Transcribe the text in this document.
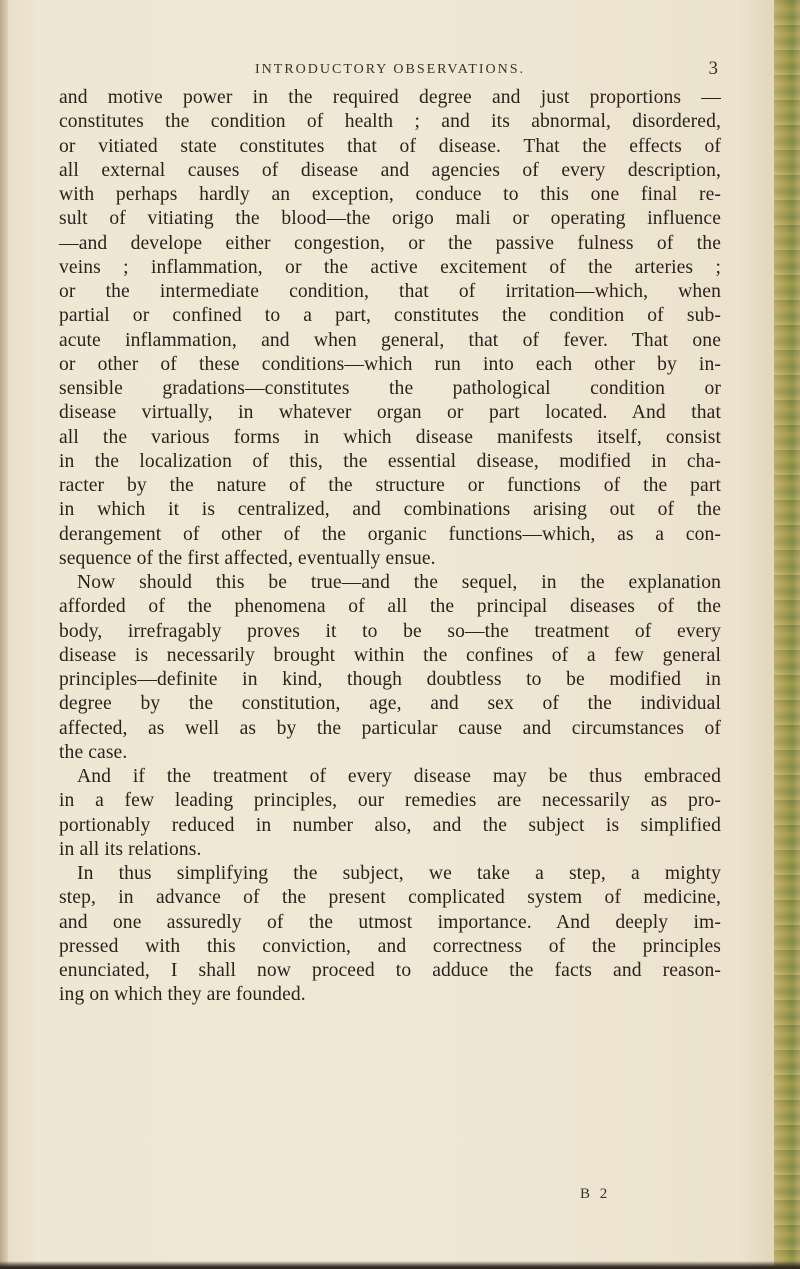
INTRODUCTORY OBSERVATIONS.	3
and motive power in the required degree and just proportions —
constitutes the condition of health ; and its abnormal, disordered,
or vitiated state constitutes that of disease. That the effects of
all external causes of disease and agencies of every description,
with perhaps hardly an exception, conduce to this one final re-
sult of vitiating the blood—the origo mali or operating influence
—and develope either congestion, or the passive fulness of the
veins ; inflammation, or the active excitement of the arteries ;
or the intermediate condition, that of irritation—which, when
partial or confined to a part, constitutes the condition of sub-
acute inflammation, and when general, that of fever. That one
or other of these conditions—which run into each other by in-
sensible gradations—constitutes the pathological condition or
disease virtually, in whatever organ or part located. And that
all the various forms in which disease manifests itself, consist
in the localization of this, the essential disease, modified in cha-
racter by the nature of the structure or functions of the part
in which it is centralized, and combinations arising out of the
derangement of other of the organic functions—which, as a con-
sequence of the first affected, eventually ensue.
Now should this be true—and the sequel, in the explanation
afforded of the phenomena of all the principal diseases of the
body, irrefragably proves it to be so—the treatment of every
disease is necessarily brought within the confines of a few general
principles—definite in kind, though doubtless to be modified in
degree by the constitution, age, and sex of the individual
affected, as well as by the particular cause and circumstances of
the case.
And if the treatment of every disease may be thus embraced
in a few leading principles, our remedies are necessarily as pro-
portionably reduced in number also, and the subject is simplified
in all its relations.
In thus simplifying the subject, we take a step, a mighty
step, in advance of the present complicated system of medicine,
and one assuredly of the utmost importance. And deeply im-
pressed with this conviction, and correctness of the principles
enunciated, I shall now proceed to adduce the facts and reason-
ing on which they are founded.
B 2
